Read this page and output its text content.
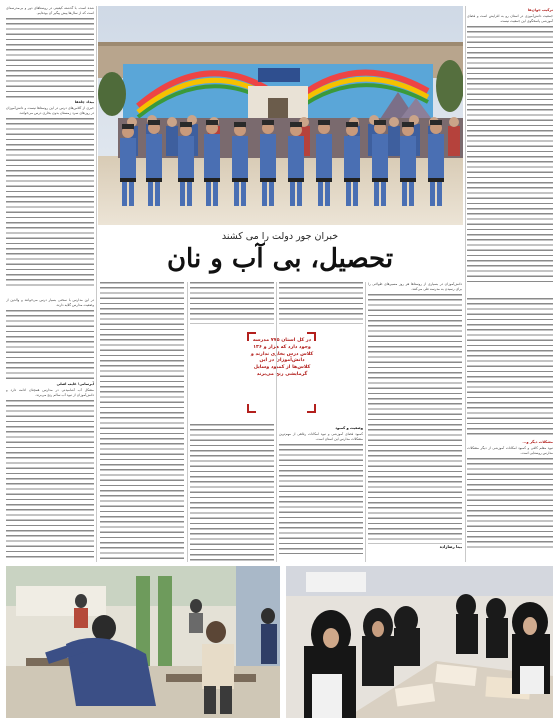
شده است. با گذشته کیفیتی در روستاهای دور و بی‌مدرسه‌ای است که از سال‌ها پیش پیگیر آن بوده‌ایم.

بیداد چاه‌ها

خبری از کلاس‌های درس در این روستاها نیست و دانش‌آموزان در روزهای سرد زمستان بدون بخاری درس می‌خوانند.

در این مدارس با سختی بسیار درس می‌خوانند و والدین از وضعیت مدارس گلایه دارند.

آبرسانی؛ غایب اصلی

مشکل آب آشامیدنی در مدارس همچنان ادامه دارد و دانش‌آموزان از نبود آب سالم رنج می‌برند.

ترکیب جوان‌ها

جمعیت دانش‌آموزی در استان رو به افزایش است و فضای آموزشی پاسخگوی این جمعیت نیست.

مشکلات دیگر و...

نبود معلم کافی و کمبود امکانات آموزشی از دیگر مشکلات مدارس روستایی است.

خبران جور دولت را می کشند
تحصیل، بی آب و نان
وضعیت و کمبود

کمبود فضای آموزشی و نبود امکانات رفاهی از مهم‌ترین مشکلات مدارس این استان است.

دانش‌آموزان در بسیاری از روستاها هر روز مسیرهای طولانی را برای رسیدن به مدرسه طی می‌کنند.

بیتا رضازاده
در کل استان ۷۷۵ مدرسه وجود دارد که هزار و ۱۳۶ کلاس درس بخاری ندارند و دانش‌آموزان در این کلاس‌ها از کمبود وسایل گرمایشی رنج می‌برند
